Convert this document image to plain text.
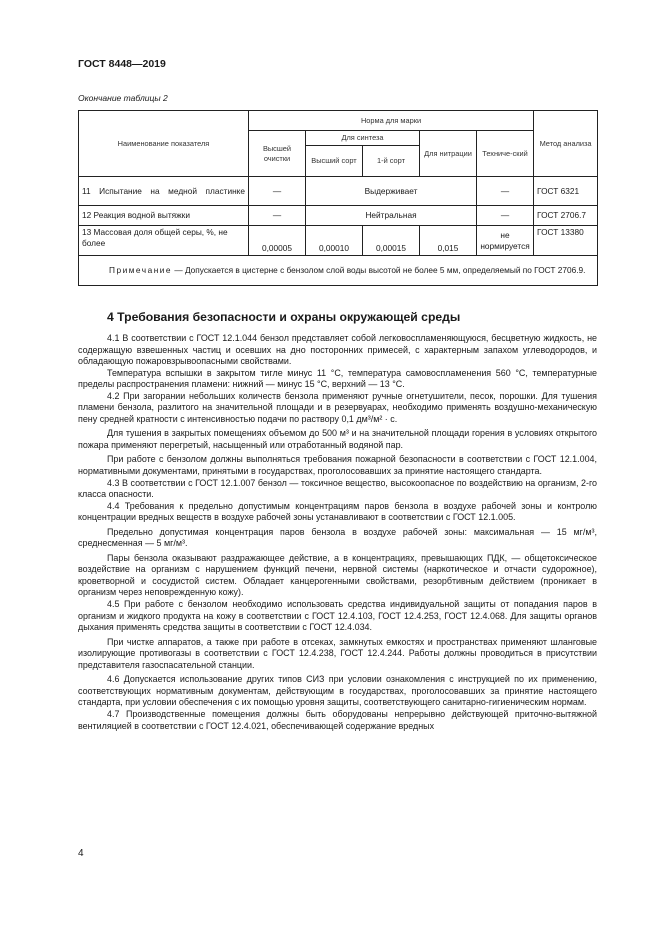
ГОСТ 8448—2019
Окончание таблицы 2
Наименование показателя	Норма для марки					Метод анализа
	Высшей очистки	Для синтеза		Для нитрации	Техниче-ский	
		Высший сорт	1-й сорт			
11 Испытание на медной пластинке	—	Выдерживает			—	ГОСТ 6321
12 Реакция водной вытяжки	—	Нейтральная			—	ГОСТ 2706.7
13 Массовая доля общей серы, %, не более	0,00005	0,00010	0,00015	0,015	не нормируется	ГОСТ 13380
Примечание — Допускается в цистерне с бензолом слой воды высотой не более 5 мм, определяемый по ГОСТ 2706.9.						
4 Требования безопасности и охраны окружающей среды

4.1 В соответствии с ГОСТ 12.1.044 бензол представляет собой легковоспламеняющуюся, бесцветную жидкость, не содержащую взвешенных частиц и осевших на дно посторонних примесей, с характерным запахом углеводородов, и обладающую пожаровзрывоопасными свойствами.

Температура вспышки в закрытом тигле минус 11 °С, температура самовоспламенения 560 °С, температурные пределы распространения пламени: нижний — минус 15 °С, верхний — 13 °С.

4.2 При загорании небольших количеств бензола применяют ручные огнетушители, песок, порошки. Для тушения пламени бензола, разлитого на значительной площади и в резервуарах, необходимо применять воздушно-механическую пену средней кратности с интенсивностью подачи по раствору 0,1 дм³/м² · с.

Для тушения в закрытых помещениях объемом до 500 м³ и на значительной площади горения в условиях открытого пожара применяют перегретый, насыщенный или отработанный водяной пар.

При работе с бензолом должны выполняться требования пожарной безопасности в соответствии с ГОСТ 12.1.004, нормативными документами, принятыми в государствах, проголосовавших за принятие настоящего стандарта.

4.3 В соответствии с ГОСТ 12.1.007 бензол — токсичное вещество, высокоопасное по воздействию на организм, 2-го класса опасности.

4.4 Требования к предельно допустимым концентрациям паров бензола в воздухе рабочей зоны и контролю концентрации вредных веществ в воздухе рабочей зоны устанавливают в соответствии с ГОСТ 12.1.005.

Предельно допустимая концентрация паров бензола в воздухе рабочей зоны: максимальная — 15 мг/м³, среднесменная — 5 мг/м³.

Пары бензола оказывают раздражающее действие, а в концентрациях, превышающих ПДК, — общетоксическое воздействие на организм с нарушением функций печени, нервной системы (наркотическое и отчасти судорожное), кроветворной и сосудистой систем. Обладает канцерогенными свойствами, резорбтивным действием (проникает в организм через неповрежденную кожу).

4.5 При работе с бензолом необходимо использовать средства индивидуальной защиты от попадания паров в организм и жидкого продукта на кожу в соответствии с ГОСТ 12.4.103, ГОСТ 12.4.253, ГОСТ 12.4.068. Для защиты органов дыхания применять средства защиты в соответствии с ГОСТ 12.4.034.

При чистке аппаратов, а также при работе в отсеках, замкнутых емкостях и пространствах применяют шланговые изолирующие противогазы в соответствии с ГОСТ 12.4.238, ГОСТ 12.4.244. Работы должны проводиться в присутствии представителя газоспасательной станции.

4.6 Допускается использование других типов СИЗ при условии ознакомления с инструкцией по их применению, соответствующих нормативным документам, действующим в государствах, проголосовавших за принятие настоящего стандарта, при условии обеспечения с их помощью уровня защиты, соответствующего санитарно-гигиеническим нормам.

4.7 Производственные помещения должны быть оборудованы непрерывно действующей приточно-вытяжной вентиляцией в соответствии с ГОСТ 12.4.021, обеспечивающей содержание вредных

4
